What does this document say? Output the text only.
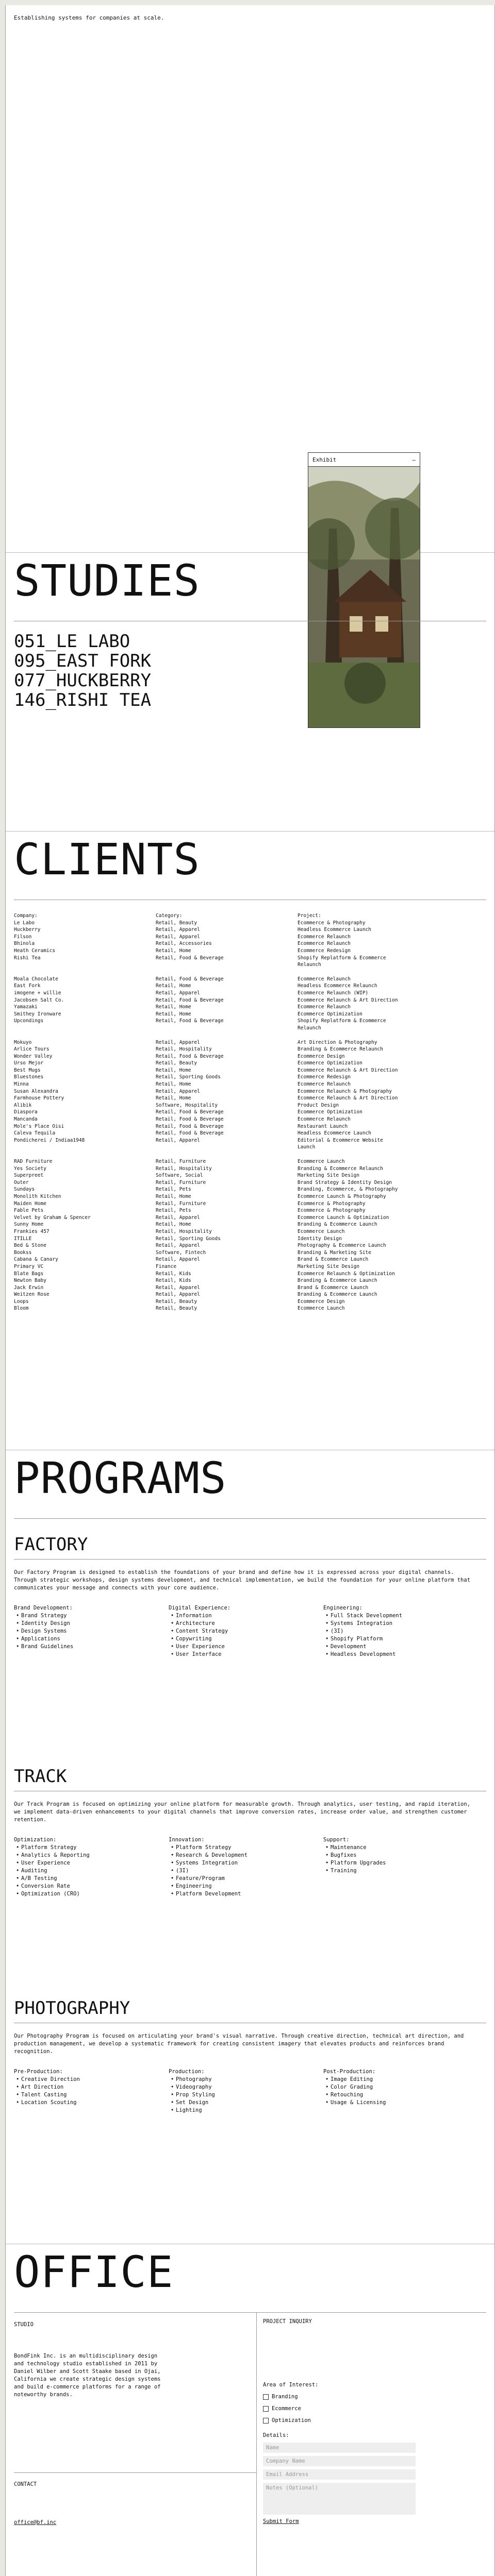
Establishing systems for companies at scale.
Exhibit	—
STUDIES
051_LE LABO
095_EAST FORK
077_HUCKBERRY
146_RISHI TEA
CLIENTS
Company:	Category:	Project:
Le Labo	Retail, Beauty	Ecommerce & Photography
Huckberry	Retail, Apparel	Headless Ecommerce Launch
Filson	Retail, Apparel	Ecommerce Relaunch
Bhinola	Retail, Accessories	Ecommerce Relaunch
Heath Ceramics	Retail, Home	Ecommerce Redesign
Rishi Tea	Retail, Food & Beverage	Shopify Replatform & Ecommerce
Relaunch
Moala Chocolate	Retail, Food & Beverage	Ecommerce Relaunch
East Fork	Retail, Home	Headless Ecommerce Relaunch
imogene + willie	Retail, Apparel	Ecommerce Relaunch (WIP)
Jacobsen Salt Co.	Retail, Food & Beverage	Ecommerce Relaunch & Art Direction
Yamazaki	Retail, Home	Ecommerce Relaunch
Smithey Ironware	Retail, Home	Ecommerce Optimization
Upcondings	Retail, Food & Beverage	Shopify Replatform & Ecommerce
Relaunch
Mokuyo	Retail, Apparel	Art Direction & Photography
Arlice Tours	Retail, Hospitality	Branding & Ecommerce Relaunch
Wonder Valley	Retail, Food & Beverage	Ecommerce Design
Urso Mejor	Retail, Beauty	Ecommerce Optimization
Best Mugs	Retail, Home	Ecommerce Relaunch & Art Direction
Bluestones	Retail, Sporting Goods	Ecommerce Redesign
Minna	Retail, Home	Ecommerce Relaunch
Susan Alexandra	Retail, Apparel	Ecommerce Relaunch & Photography
Farmhouse Pottery	Retail, Home	Ecommerce Relaunch & Art Direction
Alibik	Software, Hospitality	Product Design
Diaspora	Retail, Food & Beverage	Ecommerce Optimization
Mancanda	Retail, Food & Beverage	Ecommerce Relaunch
Mole's Place Oisi	Retail, Food & Beverage	Restaurant Launch
Caleva Tequila	Retail, Food & Beverage	Headless Ecommerce Launch
Pondicherei / Indiaa1948	Retail, Apparel	Editorial & Ecommerce Website
Launch
RAD Furniture	Retail, Furniture	Ecommerce Launch
Yes Society	Retail, Hospitality	Branding & Ecommerce Relaunch
Superpreet	Software, Social	Marketing Site Design
Outer	Retail, Furniture	Brand Strategy & Identity Design
Sundays	Retail, Pets	Branding, Ecommerce, & Photography
Monolith Kitchen	Retail, Home	Ecommerce Launch & Photography
Maiden Home	Retail, Furniture	Ecommerce & Photography
Fable Pets	Retail, Pets	Ecommerce & Photography
Velvet by Graham & Spencer	Retail, Apparel	Ecommerce Launch & Optimization
Sunny Home	Retail, Home	Branding & Ecommerce Launch
Frankies 457	Retail, Hospitality	Ecommerce Launch
ITILLE	Retail, Sporting Goods	Identity Design
Bed & Stone	Retail, Apparel	Photography & Ecommerce Launch
Bookss	Software, Fintech	Branding & Marketing Site
Cabana & Canary	Retail, Apparel	Brand & Ecommerce Launch
Primary VC	Finance	Marketing Site Design
Blate Bags	Retail, Kids	Ecommerce Relaunch & Optimization
Newton Baby	Retail, Kids	Branding & Ecommerce Launch
Jack Erwin	Retail, Apparel	Brand & Ecommerce Launch
Weitzen Rose	Retail, Apparel	Branding & Ecommerce Launch
Loops	Retail, Beauty	Ecommerce Design
Bloom	Retail, Beauty	Ecommerce Launch
PROGRAMS
FACTORY
Our Factory Program is designed to establish the foundations of your brand and define how it is expressed across your digital channels. Through strategic workshops, design systems development, and technical implementation, we build the foundation for your online platform that communicates your message and connects with your core audience.
Brand Development:
• Brand Strategy
• Identity Design
• Design Systems
• Applications
• Brand Guidelines
Digital Experience:
• Information
• Architecture
• Content Strategy
• Copywriting
• User Experience
• User Interface
Engineering:
• Full Stack Development
• Systems Integration
• (3I)
• Shopify Platform
• Development
• Headless Development
TRACK
Our Track Program is focused on optimizing your online platform for measurable growth. Through analytics, user testing, and rapid iteration, we implement data-driven enhancements to your digital channels that improve conversion rates, increase order value, and strengthen customer retention.
Optimization:
• Platform Strategy
• Analytics & Reporting
• User Experience
• Auditing
• A/B Testing
• Conversion Rate
• Optimization (CRO)
Innovation:
• Platform Strategy
• Research & Development
• Systems Integration
• (3I)
• Feature/Program
• Engineering
• Platform Development
Support:
• Maintenance
• Bugfixes
• Platform Upgrades
• Training
PHOTOGRAPHY
Our Photography Program is focused on articulating your brand's visual narrative. Through creative direction, technical art direction, and production management, we develop a systematic framework for creating consistent imagery that elevates products and reinforces brand recognition.
Pre-Production:
• Creative Direction
• Art Direction
• Talent Casting
• Location Scouting
Production:
• Photography
• Videography
• Prop Styling
• Set Design
• Lighting
Post-Production:
• Image Editing
• Color Grading
• Retouching
• Usage & Licensing
OFFICE
STUDIO
BondFink Inc. is an multidisciplinary design and technology studio established in 2011 by Daniel Wilber and Scott Staake based in Ojai, California we create strategic design systems and build e-commerce platforms for a range of noteworthy brands.
CONTACT
office@bf.inc
PROJECT INQUIRY
Area of Interest:
Branding
Ecommerce
Optimization
Details:
Name
Company Name
Email Address
Notes (Optional)
Submit Form
